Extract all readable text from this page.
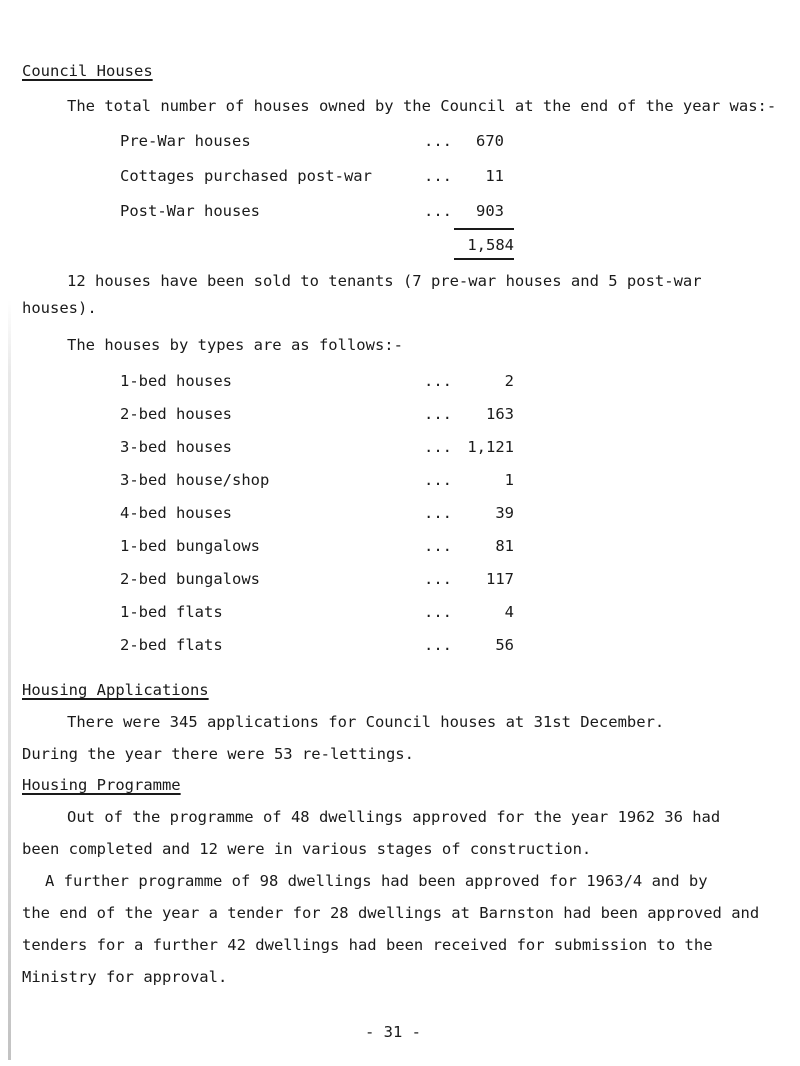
Council Houses
The total number of houses owned by the Council at the end of the year was:-
Pre-War houses	...	670
Cottages purchased post-war	...	11
Post-War houses	...	903
1,584
12 houses have been sold to tenants (7 pre-war houses and 5 post-war
houses).
The houses by types are as follows:-
1-bed houses	...	2
2-bed houses	...	163
3-bed houses	... 1,121
3-bed house/shop	...	1
4-bed houses	...	39
1-bed bungalows	...	81
2-bed bungalows	...	117
1-bed flats	...	4
2-bed flats	...	56
Housing Applications
There were 345 applications for Council houses at 31st December.
During the year there were 53 re-lettings.
Housing Programme
Out of the programme of 48 dwellings approved for the year 1962 36 had
been completed and 12 were in various stages of construction.
A further programme of 98 dwellings had been approved for 1963/4 and by
the end of the year a tender for 28 dwellings at Barnston had been approved and
tenders for a further 42 dwellings had been received for submission to the
Ministry for approval.
- 31 -
